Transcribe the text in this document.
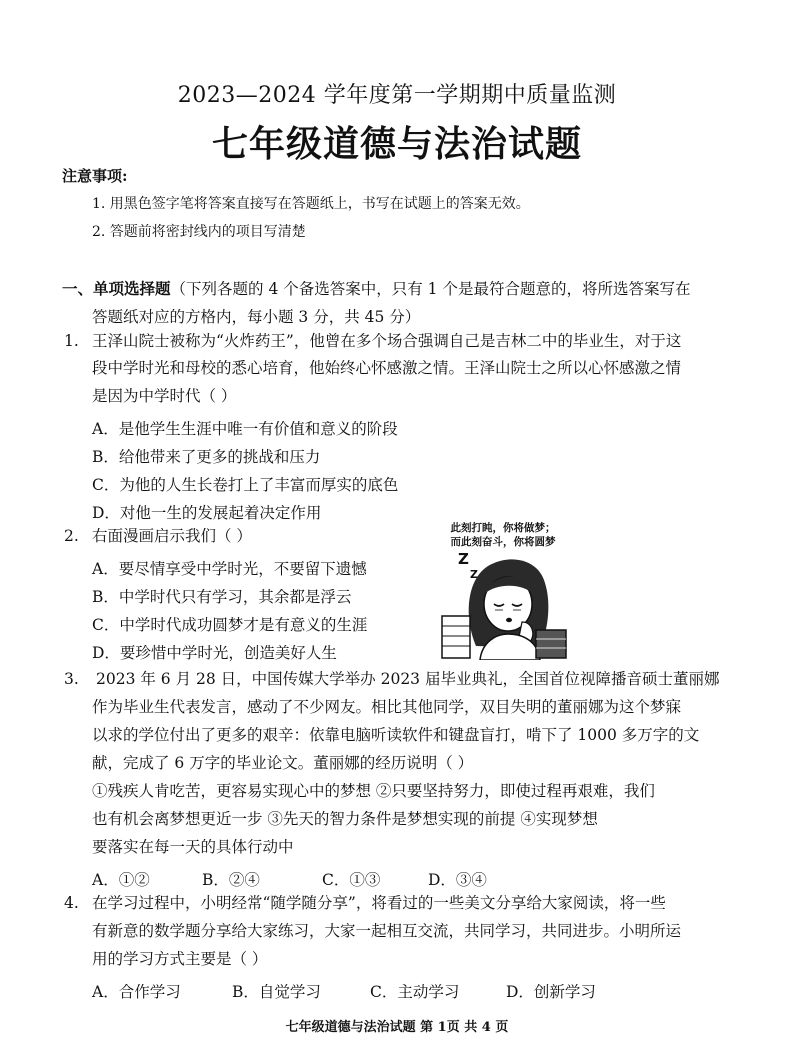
2023—2024 学年度第一学期期中质量监测
七年级道德与法治试题
注意事项:
1. 用黑色签字笔将答案直接写在答题纸上，书写在试题上的答案无效。
2. 答题前将密封线内的项目写清楚
一、单项选择题（下列各题的 4 个备选答案中，只有 1 个是最符合题意的，将所选答案写在
答题纸对应的方格内，每小题 3 分，共 45 分）
1. 王泽山院士被称为“火炸药王”，他曾在多个场合强调自己是吉林二中的毕业生，对于这
段中学时光和母校的悉心培育，他始终心怀感激之情。王泽山院士之所以心怀感激之情
是因为中学时代（ ）
A．是他学生生涯中唯一有价值和意义的阶段
B．给他带来了更多的挑战和压力
C．为他的人生长卷打上了丰富而厚实的底色
D．对他一生的发展起着决定作用
2. 右面漫画启示我们（ ）
A．要尽情享受中学时光，不要留下遗憾
B．中学时代只有学习，其余都是浮云
C．中学时代成功圆梦才是有意义的生涯
D．要珍惜中学时光，创造美好人生
此刻打盹，你将做梦；
而此刻奋斗，你将圆梦
Z
Z
3. 2023 年 6 月 28 日，中国传媒大学举办 2023 届毕业典礼，全国首位视障播音硕士董丽娜
作为毕业生代表发言，感动了不少网友。相比其他同学，双目失明的董丽娜为这个梦寐
以求的学位付出了更多的艰辛：依靠电脑听读软件和键盘盲打，啃下了 1000 多万字的文
献，完成了 6 万字的毕业论文。董丽娜的经历说明（ ）
①残疾人肯吃苦，更容易实现心中的梦想 ②只要坚持努力，即使过程再艰难，我们
也有机会离梦想更近一步 ③先天的智力条件是梦想实现的前提 ④实现梦想
要落实在每一天的具体行动中
A．①②	B．②④	C．①③	D．③④
4. 在学习过程中，小明经常“随学随分享”，将看过的一些美文分享给大家阅读，将一些
有新意的数学题分享给大家练习，大家一起相互交流，共同学习，共同进步。小明所运
用的学习方式主要是（ ）
A．合作学习	B．自觉学习	C．主动学习	D．创新学习
七年级道德与法治试题 第 1页 共 4 页
